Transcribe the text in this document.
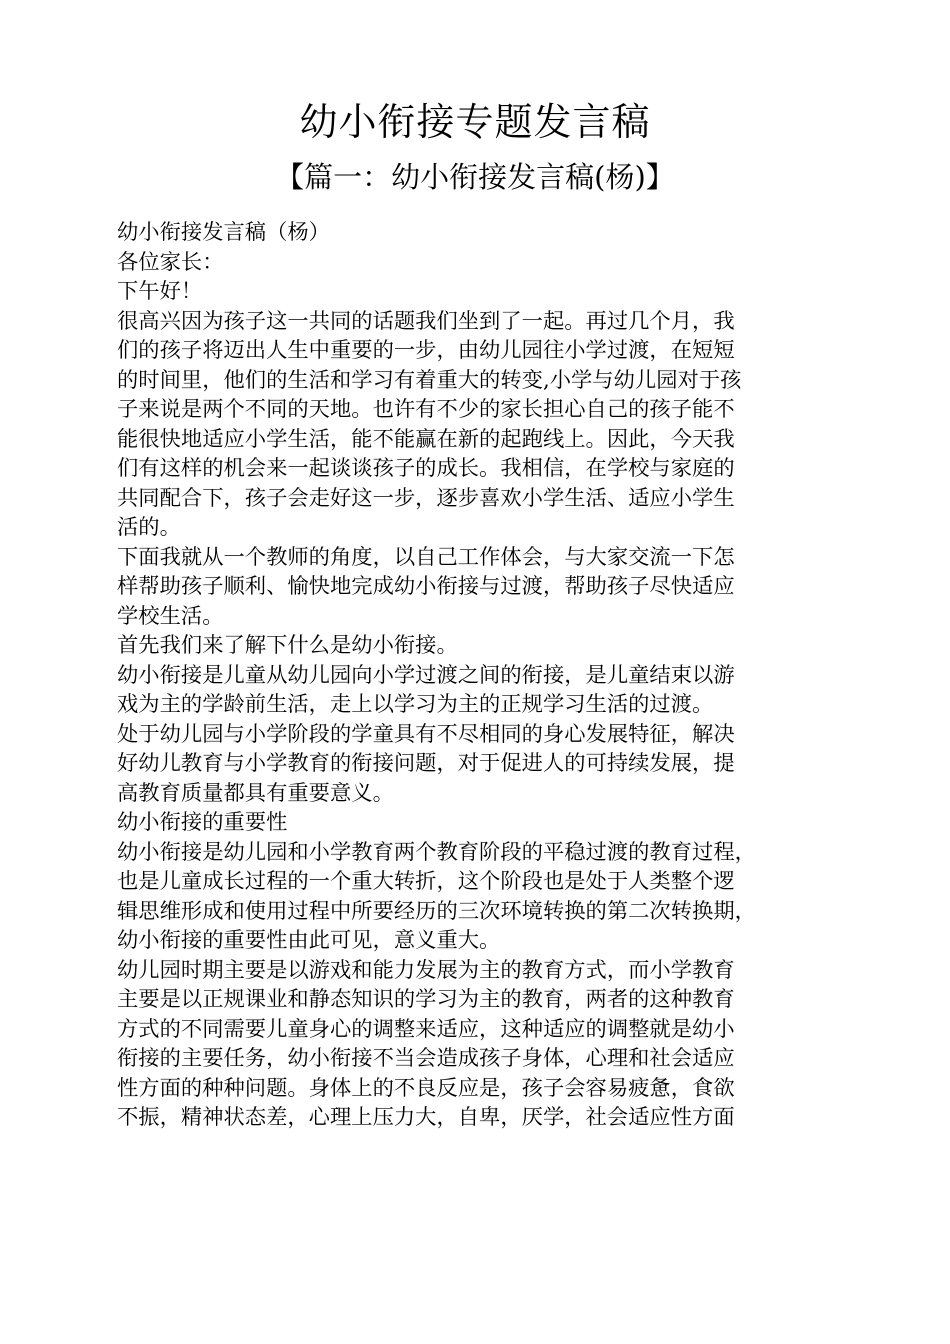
幼小衔接专题发言稿
【篇一：幼小衔接发言稿(杨)】
幼小衔接发言稿（杨）
各位家长：
下午好！
很高兴因为孩子这一共同的话题我们坐到了一起。再过几个月，我
们的孩子将迈出人生中重要的一步，由幼儿园往小学过渡，在短短
的时间里，他们的生活和学习有着重大的转变,小学与幼儿园对于孩
子来说是两个不同的天地。也许有不少的家长担心自己的孩子能不
能很快地适应小学生活，能不能赢在新的起跑线上。因此，今天我
们有这样的机会来一起谈谈孩子的成长。我相信，在学校与家庭的
共同配合下，孩子会走好这一步，逐步喜欢小学生活、适应小学生
活的。
下面我就从一个教师的角度，以自己工作体会，与大家交流一下怎
样帮助孩子顺利、愉快地完成幼小衔接与过渡，帮助孩子尽快适应
学校生活。
首先我们来了解下什么是幼小衔接。
幼小衔接是儿童从幼儿园向小学过渡之间的衔接，是儿童结束以游
戏为主的学龄前生活，走上以学习为主的正规学习生活的过渡。
处于幼儿园与小学阶段的学童具有不尽相同的身心发展特征，解决
好幼儿教育与小学教育的衔接问题，对于促进人的可持续发展，提
高教育质量都具有重要意义。
幼小衔接的重要性
幼小衔接是幼儿园和小学教育两个教育阶段的平稳过渡的教育过程，
也是儿童成长过程的一个重大转折，这个阶段也是处于人类整个逻
辑思维形成和使用过程中所要经历的三次环境转换的第二次转换期，
幼小衔接的重要性由此可见，意义重大。
幼儿园时期主要是以游戏和能力发展为主的教育方式，而小学教育
主要是以正规课业和静态知识的学习为主的教育，两者的这种教育
方式的不同需要儿童身心的调整来适应，这种适应的调整就是幼小
衔接的主要任务，幼小衔接不当会造成孩子身体，心理和社会适应
性方面的种种问题。身体上的不良反应是，孩子会容易疲惫，食欲
不振，精神状态差，心理上压力大，自卑，厌学，社会适应性方面
